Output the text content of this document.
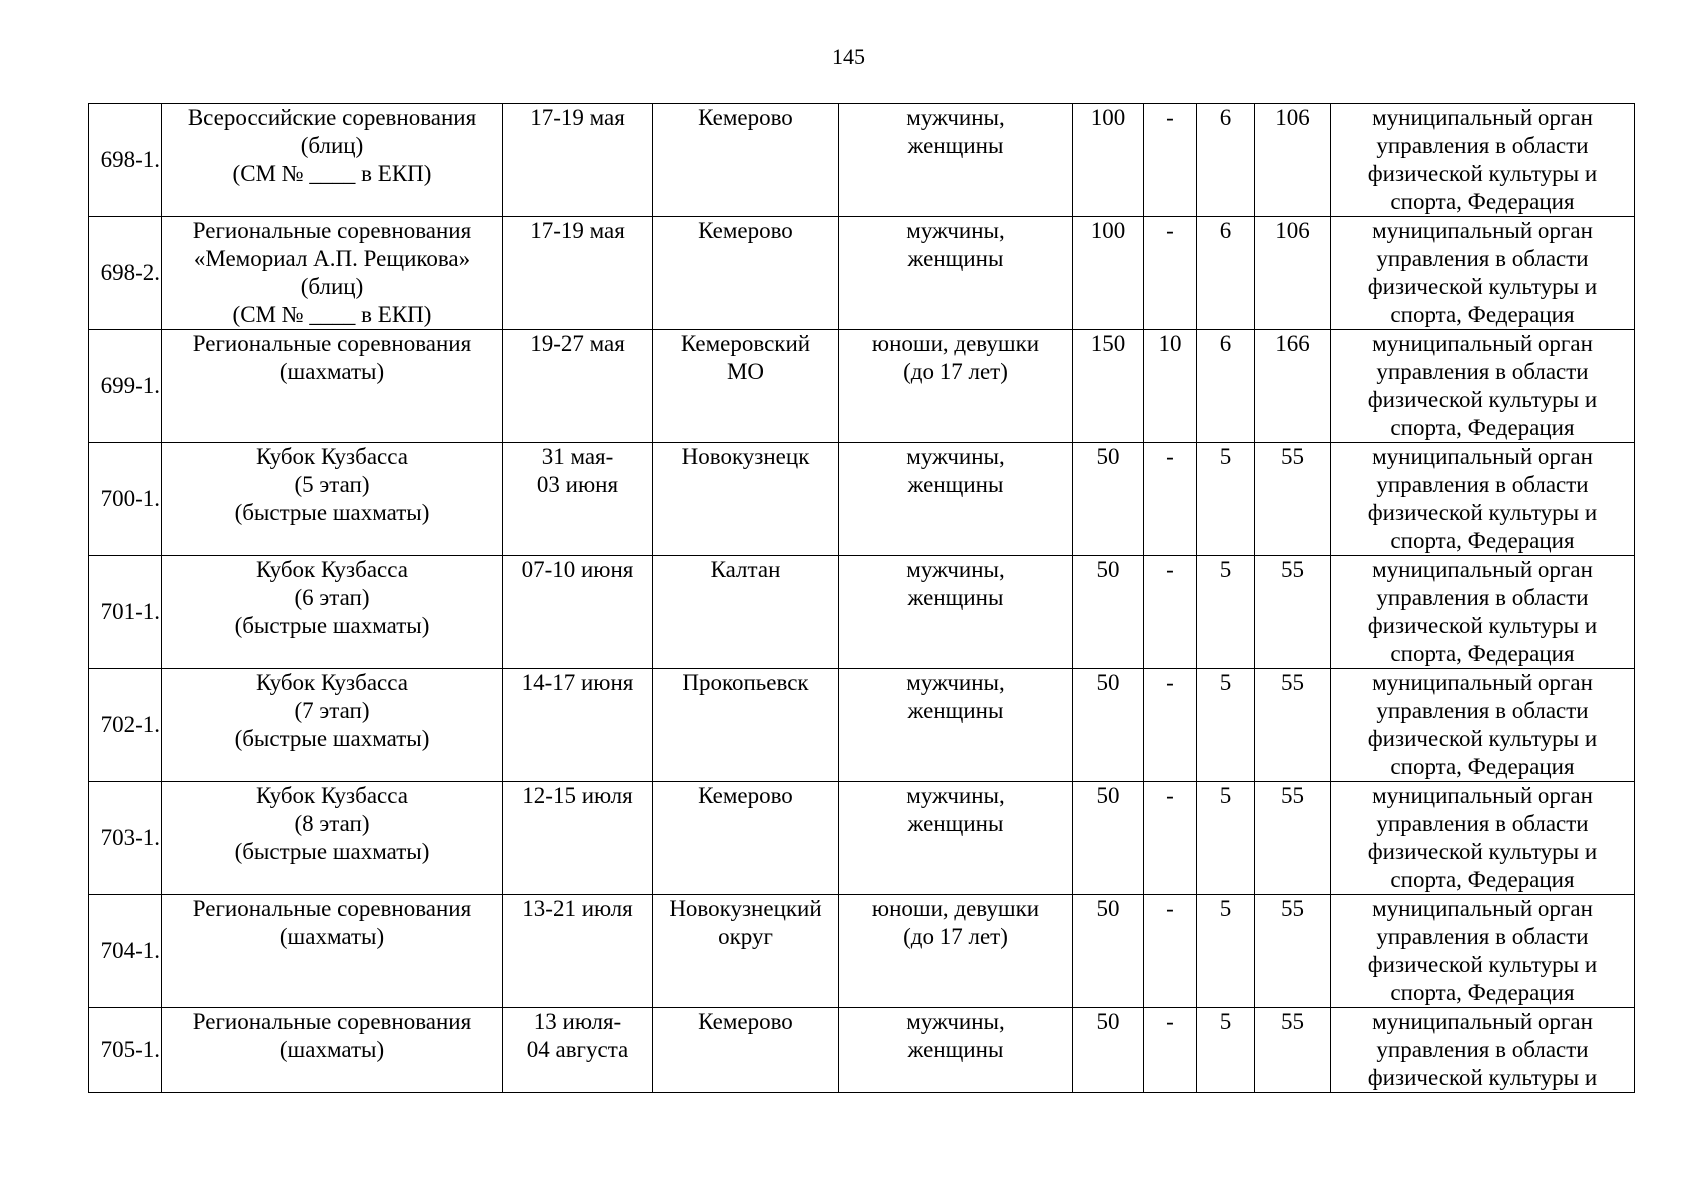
145
698-1.	Всероссийские соревнования
(блиц)
(СМ № ____ в ЕКП)	17-19 мая	Кемерово	мужчины,
женщины	100	-	6	106	муниципальный орган
управления в области
физической культуры и
спорта, Федерация

698-2.	Региональные соревнования
«Мемориал А.П. Рещикова»
(блиц)
(СМ № ____ в ЕКП)	17-19 мая	Кемерово	мужчины,
женщины	100	-	6	106	муниципальный орган
управления в области
физической культуры и
спорта, Федерация

699-1.	Региональные соревнования
(шахматы)	19-27 мая	Кемеровский
МО	юноши, девушки
(до 17 лет)	150	10	6	166	муниципальный орган
управления в области
физической культуры и
спорта, Федерация

700-1.	Кубок Кузбасса
(5 этап)
(быстрые шахматы)	31 мая-
03 июня	Новокузнецк	мужчины,
женщины	50	-	5	55	муниципальный орган
управления в области
физической культуры и
спорта, Федерация

701-1.	Кубок Кузбасса
(6 этап)
(быстрые шахматы)	07-10 июня	Калтан	мужчины,
женщины	50	-	5	55	муниципальный орган
управления в области
физической культуры и
спорта, Федерация

702-1.	Кубок Кузбасса
(7 этап)
(быстрые шахматы)	14-17 июня	Прокопьевск	мужчины,
женщины	50	-	5	55	муниципальный орган
управления в области
физической культуры и
спорта, Федерация

703-1.	Кубок Кузбасса
(8 этап)
(быстрые шахматы)	12-15 июля	Кемерово	мужчины,
женщины	50	-	5	55	муниципальный орган
управления в области
физической культуры и
спорта, Федерация

704-1.	Региональные соревнования
(шахматы)	13-21 июля	Новокузнецкий
округ	юноши, девушки
(до 17 лет)	50	-	5	55	муниципальный орган
управления в области
физической культуры и
спорта, Федерация

705-1.	Региональные соревнования
(шахматы)	13 июля-
04 августа	Кемерово	мужчины,
женщины	50	-	5	55	муниципальный орган
управления в области
физической культуры и
